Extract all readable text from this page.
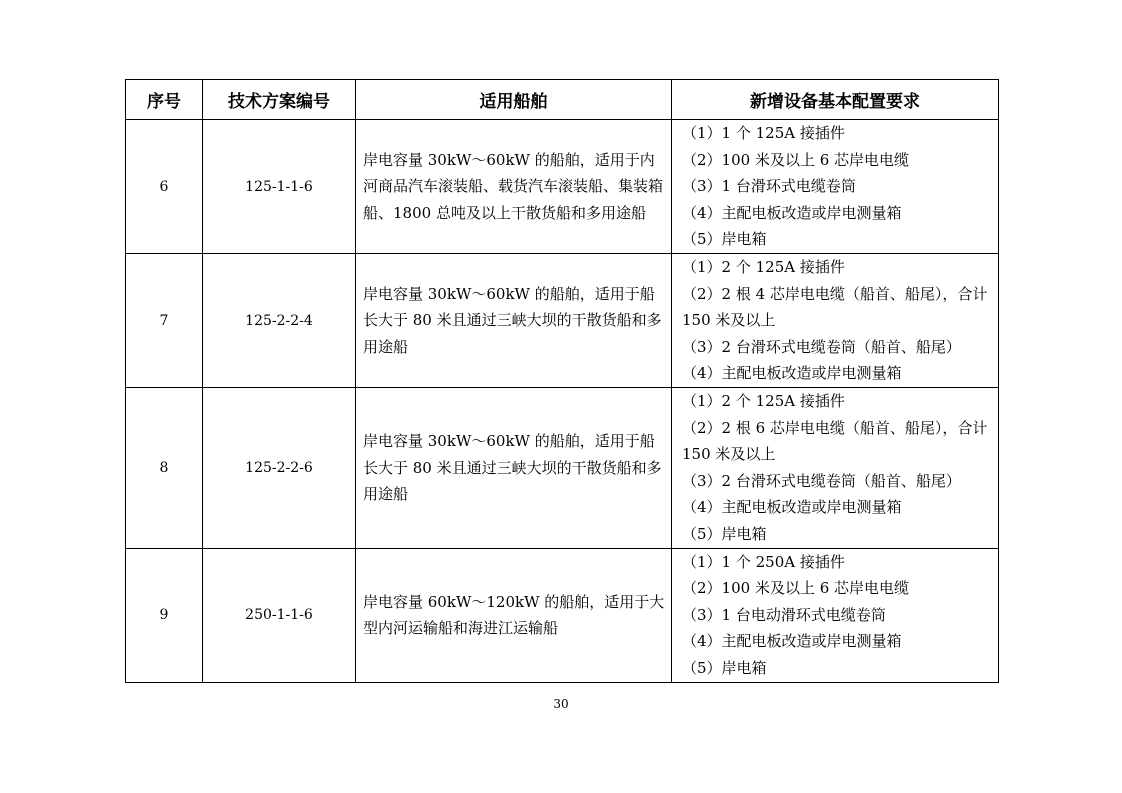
序号	技术方案编号	适用船舶	新增设备基本配置要求
6	125-1-1-6	岸电容量 30kW～60kW 的船舶，适用于内河商品汽车滚装船、载货汽车滚装船、集装箱船、1800 总吨及以上干散货船和多用途船	（1）1 个 125A 接插件
（2）100 米及以上 6 芯岸电电缆
（3）1 台滑环式电缆卷筒
（4）主配电板改造或岸电测量箱
（5）岸电箱

7	125-2-2-4	岸电容量 30kW～60kW 的船舶，适用于船长大于 80 米且通过三峡大坝的干散货船和多用途船	（1）2 个 125A 接插件
（2）2 根 4 芯岸电电缆（船首、船尾），合计 150 米及以上
（3）2 台滑环式电缆卷筒（船首、船尾）
（4）主配电板改造或岸电测量箱

8	125-2-2-6	岸电容量 30kW～60kW 的船舶，适用于船长大于 80 米且通过三峡大坝的干散货船和多用途船	（1）2 个 125A 接插件
（2）2 根 6 芯岸电电缆（船首、船尾），合计 150 米及以上
（3）2 台滑环式电缆卷筒（船首、船尾）
（4）主配电板改造或岸电测量箱
（5）岸电箱

9	250-1-1-6	岸电容量 60kW～120kW 的船舶，适用于大型内河运输船和海进江运输船	（1）1 个 250A 接插件
（2）100 米及以上 6 芯岸电电缆
（3）1 台电动滑环式电缆卷筒
（4）主配电板改造或岸电测量箱
（5）岸电箱
30
